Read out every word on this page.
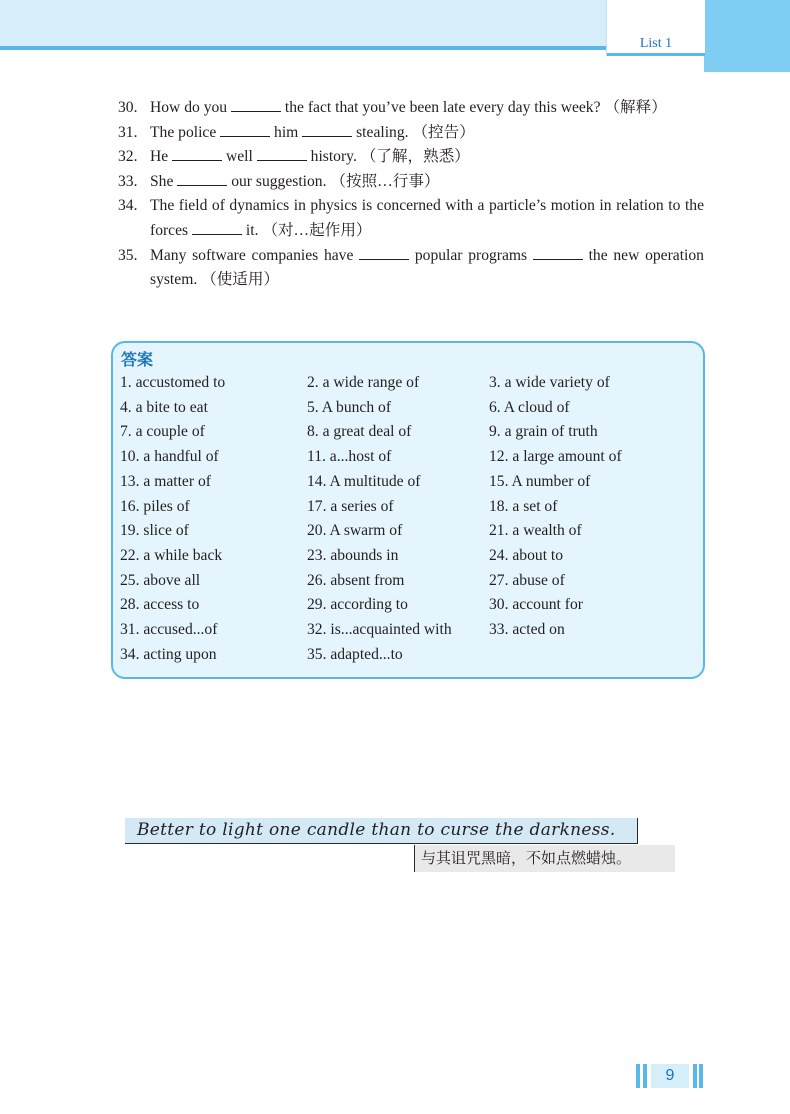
List 1
30. How do you	the fact that you’ve been late every day this week? （解释）
31. The police	him	stealing. （控告）
32. He	well	history. （了解，熟悉）
33. She	our suggestion. （按照…行事）
34. The field of dynamics in physics is concerned with a particle’s motion in relation to the forces	it. （对…起作用）
35. Many software companies have	popular programs	the new operation system. （使适用）
答案
1. accustomed to	2. a wide range of	3. a wide variety of
4. a bite to eat	5. A bunch of	6. A cloud of
7. a couple of	8. a great deal of	9. a grain of truth
10. a handful of	11. a...host of	12. a large amount of
13. a matter of	14. A multitude of	15. A number of
16. piles of	17. a series of	18. a set of
19. slice of	20. A swarm of	21. a wealth of
22. a while back	23. abounds in	24. about to
25. above all	26. absent from	27. abuse of
28. access to	29. according to	30. account for
31. accused...of	32. is...acquainted with	33. acted on
34. acting upon	35. adapted...to
Better to light one candle than to curse the darkness.
与其诅咒黑暗，不如点燃蜡烛。
9
